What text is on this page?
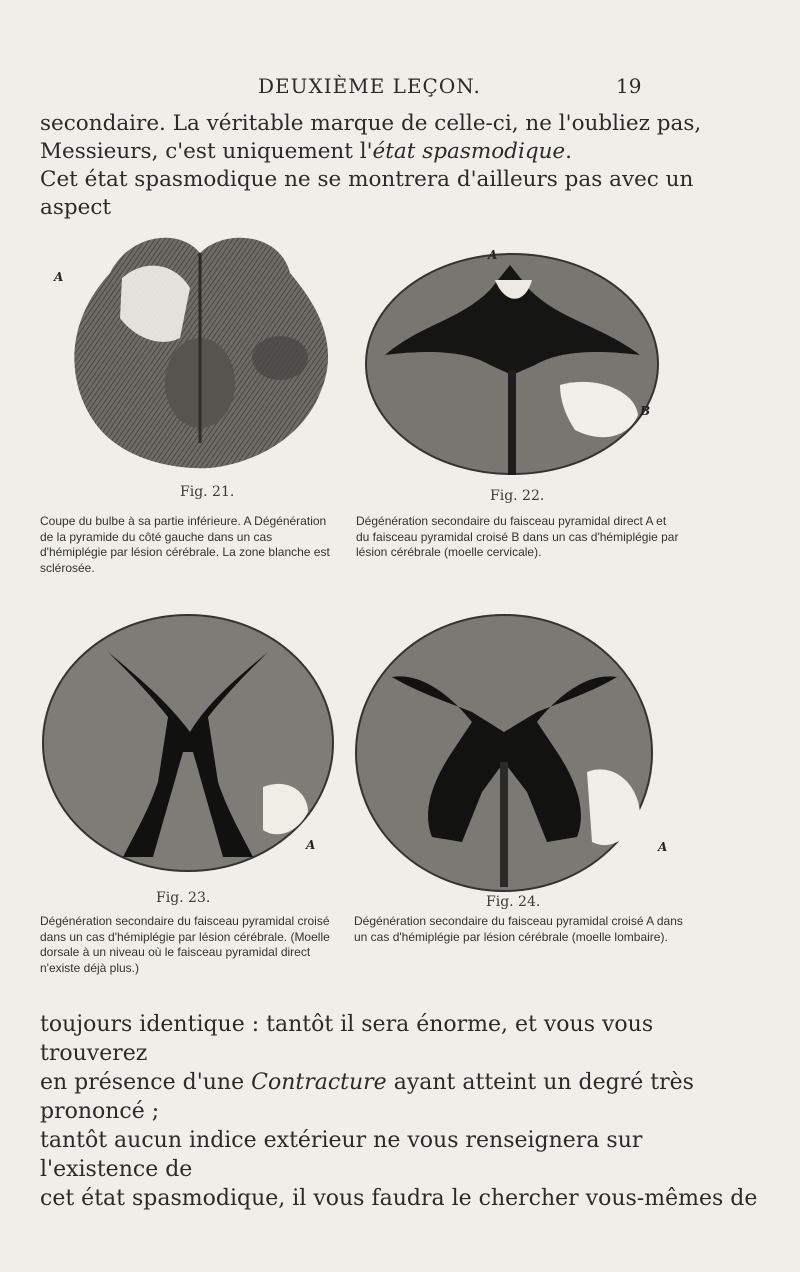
DEUXIÈME LEÇON.	19
secondaire. La véritable marque de celle-ci, ne l'oubliez pas,
Messieurs, c'est uniquement l'état spasmodique.
Cet état spasmodique ne se montrera d'ailleurs pas avec un aspect
A
Fig. 21.
Coupe du bulbe à sa partie inférieure. A Dégénération de la pyramide du côté gauche dans un cas d'hémiplégie par lésion cérébrale. La zone blanche est sclérosée.
A
B
Fig. 22.
Dégénération secondaire du faisceau pyramidal direct A et du faisceau pyramidal croisé B dans un cas d'hémiplégie par lésion cérébrale (moelle cervicale).
A
Fig. 23.
Dégénération secondaire du faisceau pyramidal croisé dans un cas d'hémiplégie par lésion cérébrale. (Moelle dorsale à un niveau où le faisceau pyramidal direct n'existe déjà plus.)
A
Fig. 24.
Dégénération secondaire du faisceau pyramidal croisé A dans un cas d'hémiplégie par lésion cérébrale (moelle lombaire).
toujours identique : tantôt il sera énorme, et vous vous trouverez
en présence d'une Contracture ayant atteint un degré très prononcé ;
tantôt aucun indice extérieur ne vous renseignera sur l'existence de
cet état spasmodique, il vous faudra le chercher vous-mêmes de
